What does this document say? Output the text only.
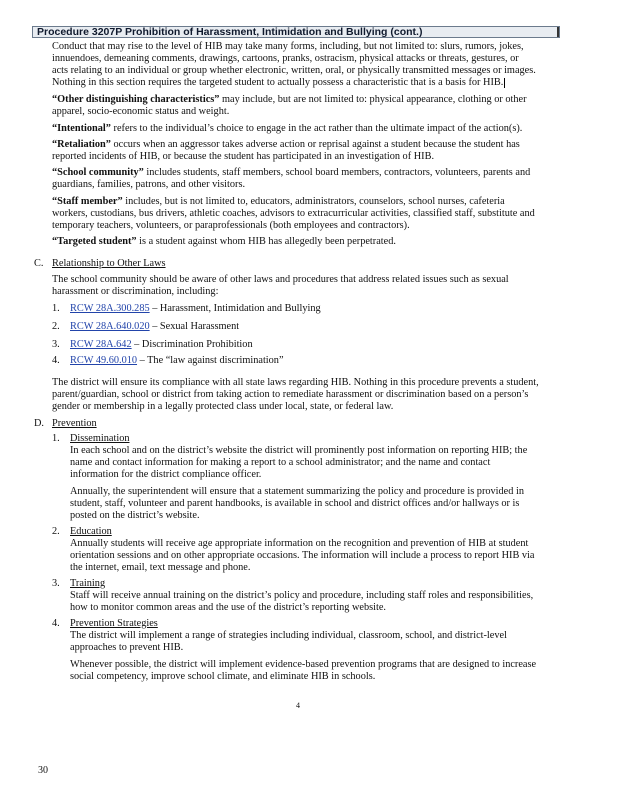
Procedure 3207P Prohibition of Harassment, Intimidation and Bullying (cont.)
Conduct that may rise to the level of HIB may take many forms, including, but not limited to: slurs, rumors, jokes,
innuendoes, demeaning comments, drawings, cartoons, pranks, ostracism, physical attacks or threats, gestures, or
acts relating to an individual or group whether electronic, written, oral, or physically transmitted messages or images.
Nothing in this section requires the targeted student to actually possess a characteristic that is a basis for HIB.
“Other distinguishing characteristics” may include, but are not limited to: physical appearance, clothing or other
apparel, socio-economic status and weight.
“Intentional” refers to the individual’s choice to engage in the act rather than the ultimate impact of the action(s).
“Retaliation” occurs when an aggressor takes adverse action or reprisal against a student because the student has
reported incidents of HIB, or because the student has participated in an investigation of HIB.
“School community” includes students, staff members, school board members, contractors, volunteers, parents and
guardians, families, patrons, and other visitors.
“Staff member” includes, but is not limited to, educators, administrators, counselors, school nurses, cafeteria
workers, custodians, bus drivers, athletic coaches, advisors to extracurricular activities, classified staff, substitute and
temporary teachers, volunteers, or paraprofessionals (both employees and contractors).
“Targeted student” is a student against whom HIB has allegedly been perpetrated.
C. Relationship to Other Laws
The school community should be aware of other laws and procedures that address related issues such as sexual
harassment or discrimination, including:
1. RCW 28A.300.285 – Harassment, Intimidation and Bullying
2. RCW 28A.640.020 – Sexual Harassment
3. RCW 28A.642 – Discrimination Prohibition
4. RCW 49.60.010 – The “law against discrimination”
The district will ensure its compliance with all state laws regarding HIB. Nothing in this procedure prevents a student,
parent/guardian, school or district from taking action to remediate harassment or discrimination based on a person’s
gender or membership in a legally protected class under local, state, or federal law.
D. Prevention
1. Dissemination
In each school and on the district’s website the district will prominently post information on reporting HIB; the
name and contact information for making a report to a school administrator; and the name and contact
information for the district compliance officer.
Annually, the superintendent will ensure that a statement summarizing the policy and procedure is provided in
student, staff, volunteer and parent handbooks, is available in school and district offices and/or hallways or is
posted on the district’s website.
2. Education
Annually students will receive age appropriate information on the recognition and prevention of HIB at student
orientation sessions and on other appropriate occasions. The information will include a process to report HIB via
the internet, email, text message and phone.
3. Training
Staff will receive annual training on the district’s policy and procedure, including staff roles and responsibilities,
how to monitor common areas and the use of the district’s reporting website.
4. Prevention Strategies
The district will implement a range of strategies including individual, classroom, school, and district-level
approaches to prevent HIB.
Whenever possible, the district will implement evidence-based prevention programs that are designed to increase
social competency, improve school climate, and eliminate HIB in schools.
4
30
